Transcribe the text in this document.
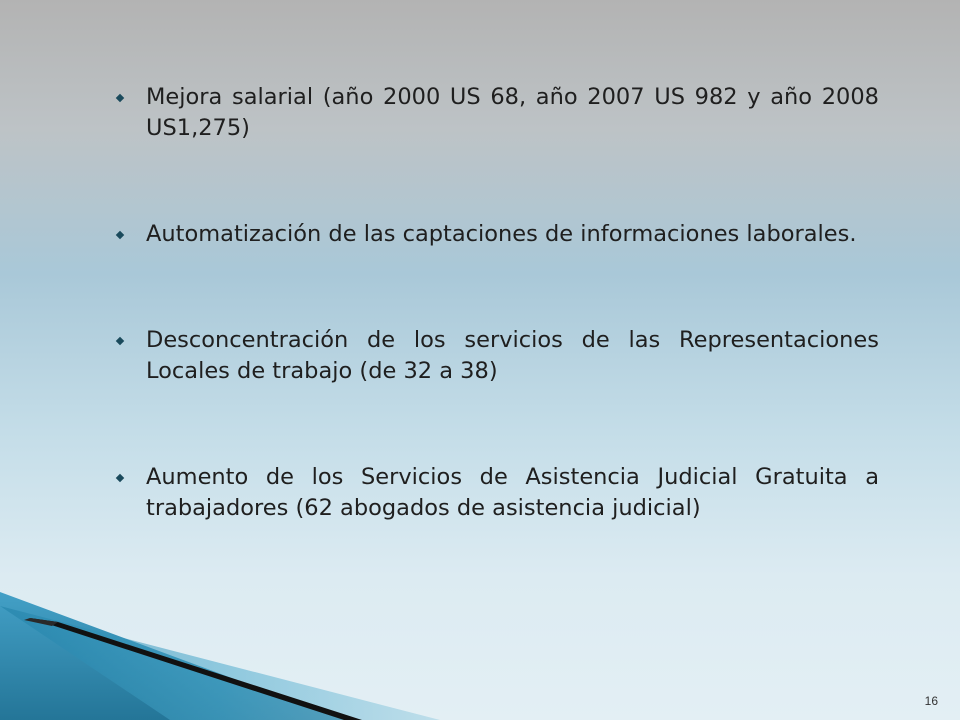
Mejora salarial (año 2000 US 68, año 2007 US 982 y año 2008 US1,275)
Automatización de las captaciones de informaciones laborales.
Desconcentración de los servicios de las Representaciones Locales de trabajo (de 32 a 38)
Aumento de los Servicios de Asistencia Judicial Gratuita a trabajadores (62 abogados de asistencia judicial)
16
